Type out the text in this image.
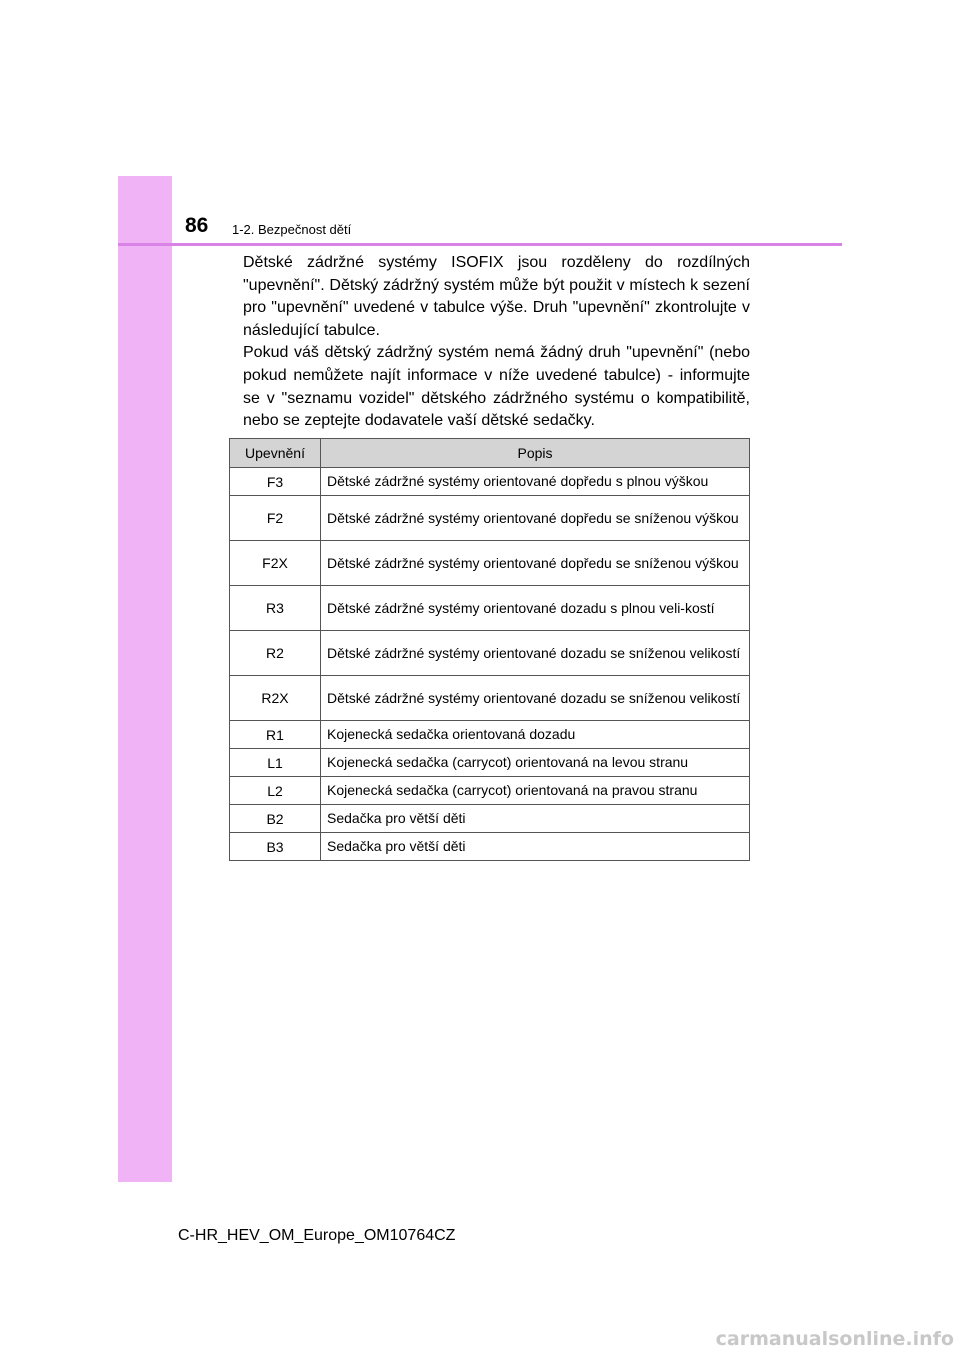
86 1-2. Bezpečnost dětí

Dětské zádržné systémy ISOFIX jsou rozděleny do rozdílných "upevnění". Dětský zádržný systém může být použit v místech k sezení pro "upevnění" uvedené v tabulce výše. Druh "upevnění" zkontrolujte v následující tabulce.

Pokud váš dětský zádržný systém nemá žádný druh "upevnění" (nebo pokud nemůžete najít informace v níže uvedené tabulce) - informujte se v "seznamu vozidel" dětského zádržného systému o kompatibilitě, nebo se zeptejte dodavatele vaší dětské sedačky.

Upevnění	Popis
F3	Dětské zádržné systémy orientované dopředu s plnou výškou
F2	Dětské zádržné systémy orientované dopředu se sníženou výškou
F2X	Dětské zádržné systémy orientované dopředu se sníženou výškou
R3	Dětské zádržné systémy orientované dozadu s plnou veli-kostí
R2	Dětské zádržné systémy orientované dozadu se sníženou velikostí
R2X	Dětské zádržné systémy orientované dozadu se sníženou velikostí
R1	Kojenecká sedačka orientovaná dozadu
L1	Kojenecká sedačka (carrycot) orientovaná na levou stranu
L2	Kojenecká sedačka (carrycot) orientovaná na pravou stranu
B2	Sedačka pro větší děti
B3	Sedačka pro větší děti
C-HR_HEV_OM_Europe_OM10764CZ
carmanualsonline.info
